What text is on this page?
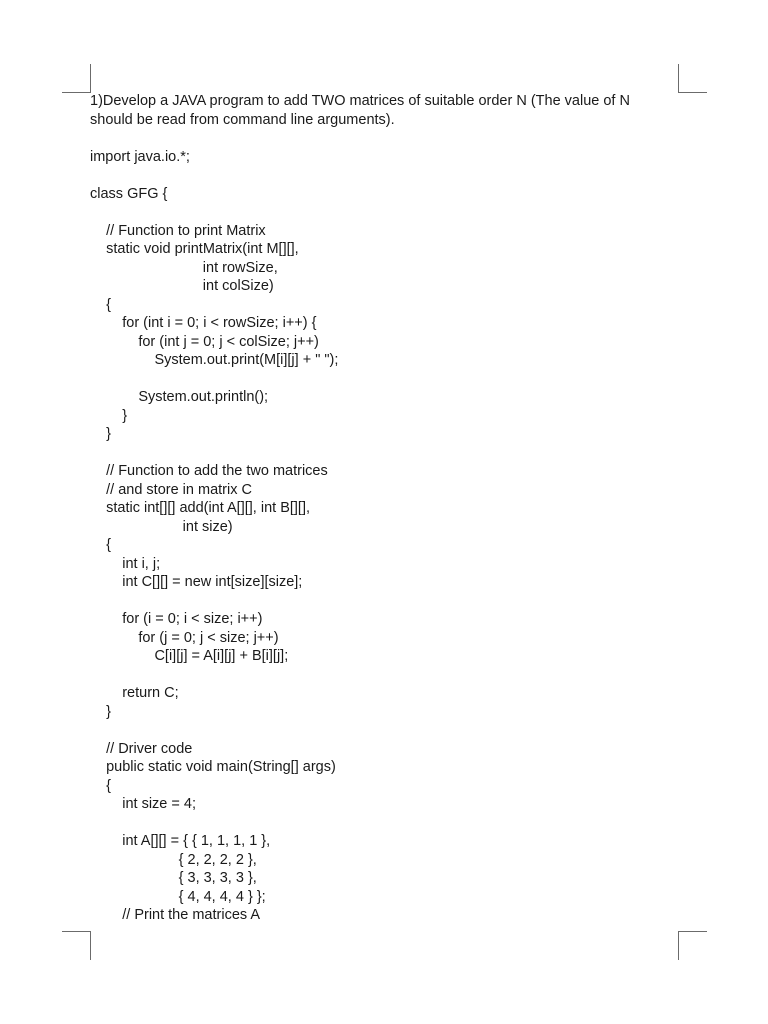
1)Develop a JAVA program to add TWO matrices of suitable order N (The value of N should be read from command line arguments).

import java.io.*;
class GFG {
// Function to print Matrix
static void printMatrix(int M[][],
int rowSize,
int colSize)
{
for (int i = 0; i < rowSize; i++) {
for (int j = 0; j < colSize; j++)
System.out.print(M[i][j] + " ");
System.out.println();
}
}
// Function to add the two matrices
// and store in matrix C
static int[][] add(int A[][], int B[][],
int size)
{
int i, j;
int C[][] = new int[size][size];
for (i = 0; i < size; i++)
for (j = 0; j < size; j++)
C[i][j] = A[i][j] + B[i][j];
return C;
}
// Driver code
public static void main(String[] args)
{
int size = 4;
int A[][] = { { 1, 1, 1, 1 },
{ 2, 2, 2, 2 },
{ 3, 3, 3, 3 },
{ 4, 4, 4, 4 } };
// Print the matrices A
